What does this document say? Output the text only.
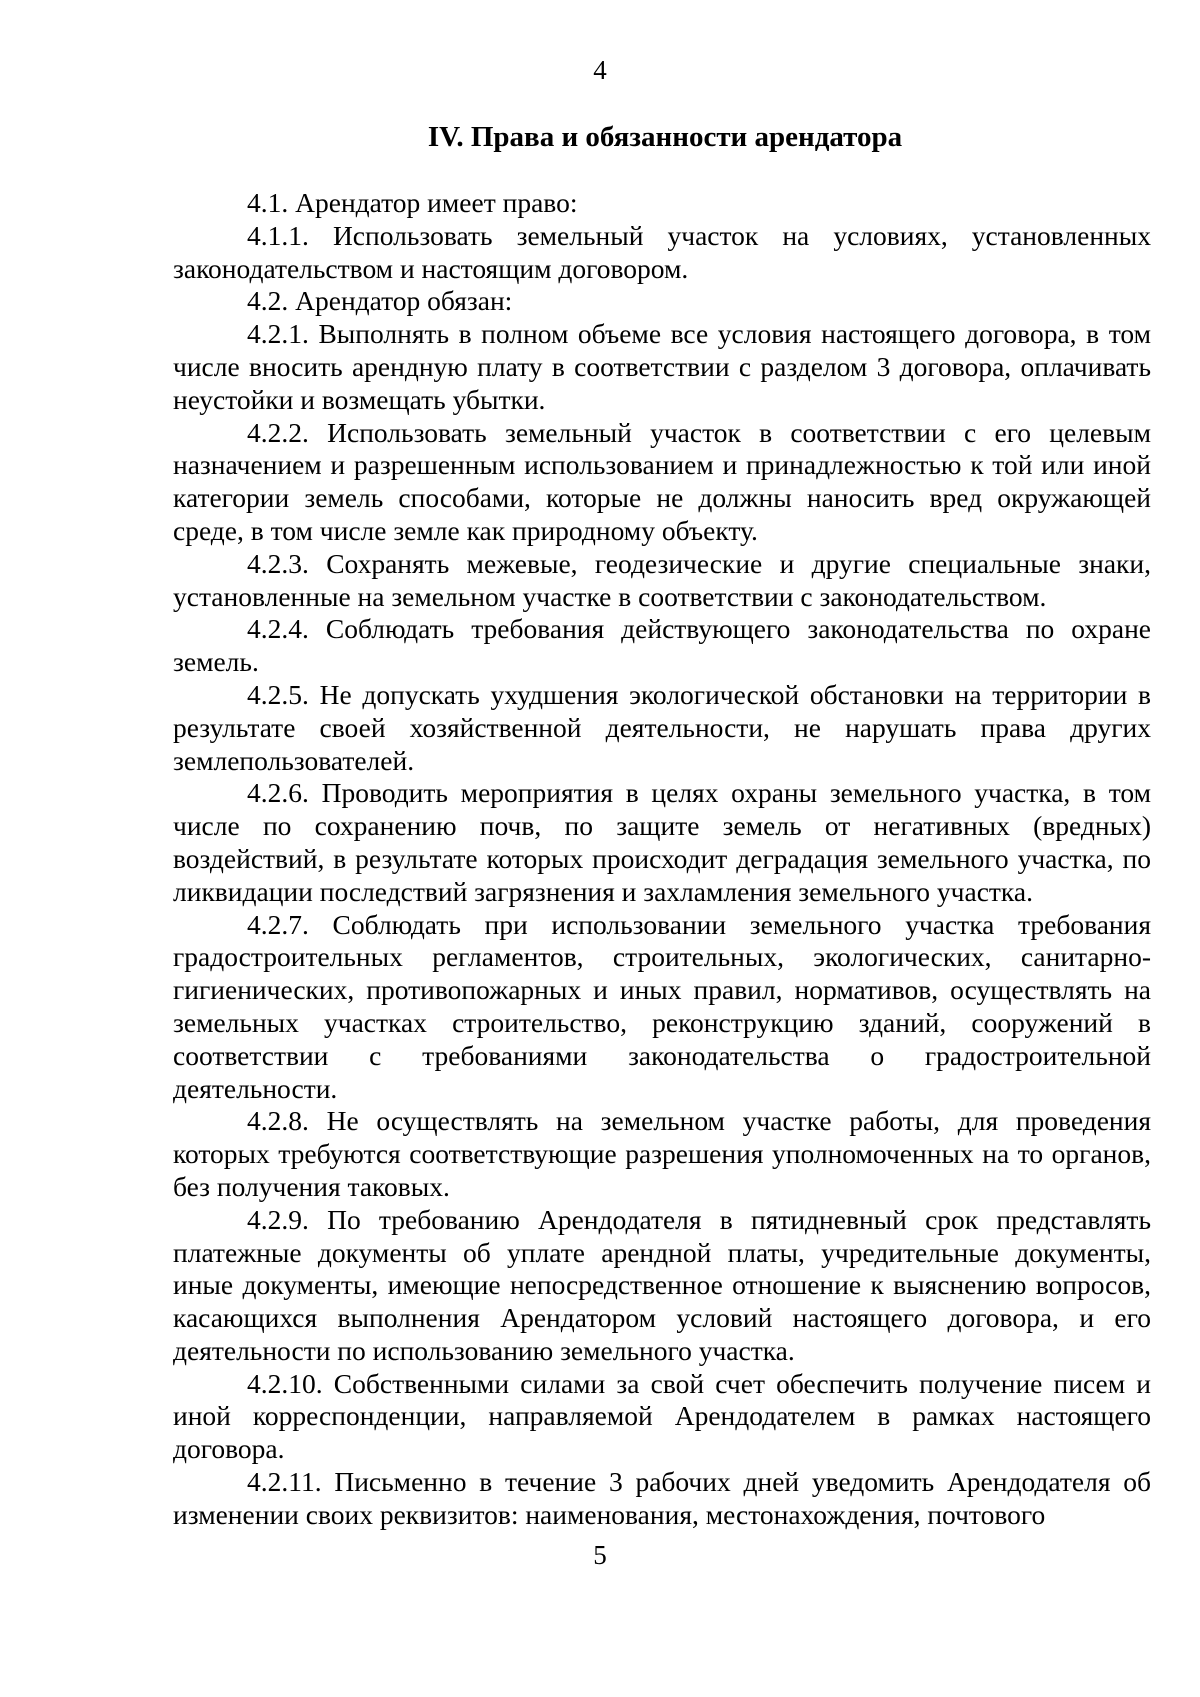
4
IV. Права и обязанности арендатора

4.1. Арендатор имеет право:

4.1.1. Использовать земельный участок на условиях, установленных законодательством и настоящим договором.

4.2. Арендатор обязан:

4.2.1. Выполнять в полном объеме все условия настоящего договора, в том числе вносить арендную плату в соответствии с разделом 3 договора, оплачивать неустойки и возмещать убытки.

4.2.2. Использовать земельный участок в соответствии с его целевым назначением и разрешенным использованием и принадлежностью к той или иной категории земель способами, которые не должны наносить вред окружающей среде, в том числе земле как природному объекту.

4.2.3. Сохранять межевые, геодезические и другие специальные знаки, установленные на земельном участке в соответствии с законодательством.

4.2.4. Соблюдать требования действующего законодательства по охране земель.

4.2.5. Не допускать ухудшения экологической обстановки на территории в результате своей хозяйственной деятельности, не нарушать права других землепользователей.

4.2.6. Проводить мероприятия в целях охраны земельного участка, в том числе по сохранению почв, по защите земель от негативных (вредных) воздействий, в результате которых происходит деградация земельного участка, по ликвидации последствий загрязнения и захламления земельного участка.

4.2.7. Соблюдать при использовании земельного участка требования градостроительных регламентов, строительных, экологических, санитарно-гигиенических, противопожарных и иных правил, нормативов, осуществлять на земельных участках строительство, реконструкцию зданий, сооружений в соответствии с требованиями законодательства о градостроительной деятельности.

4.2.8. Не осуществлять на земельном участке работы, для проведения которых требуются соответствующие разрешения уполномоченных на то органов, без получения таковых.

4.2.9. По требованию Арендодателя в пятидневный срок представлять платежные документы об уплате арендной платы, учредительные документы, иные документы, имеющие непосредственное отношение к выяснению вопросов, касающихся выполнения Арендатором условий настоящего договора, и его деятельности по использованию земельного участка.

4.2.10. Собственными силами за свой счет обеспечить получение писем и иной корреспонденции, направляемой Арендодателем в рамках настоящего договора.

4.2.11. Письменно в течение 3 рабочих дней уведомить Арендодателя об изменении своих реквизитов: наименования, местонахождения, почтового

5
